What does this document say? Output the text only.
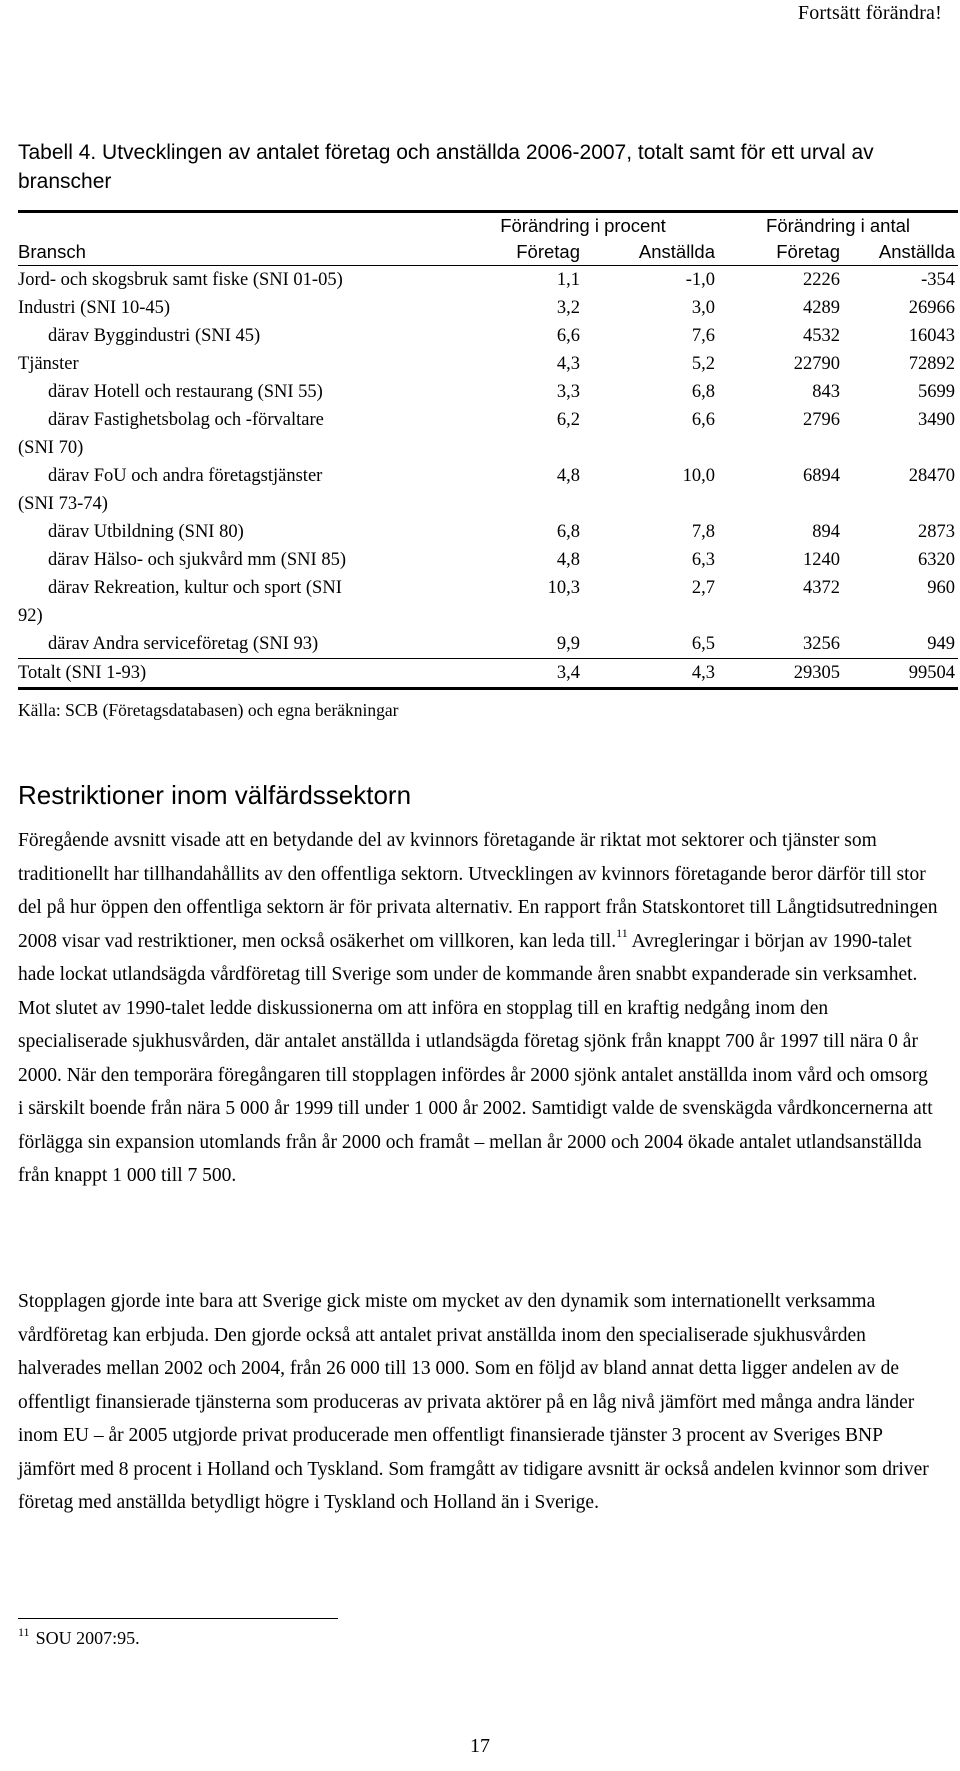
Fortsätt förändra!
Tabell 4. Utvecklingen av antalet företag och anställda 2006-2007, totalt samt för ett urval av branscher
	Förändring i procent		Förändring i antal	
Bransch	Företag	Anställda	Företag	Anställda
Jord- och skogsbruk samt fiske (SNI 01-05)	1,1	-1,0	2226	-354
Industri (SNI 10-45)	3,2	3,0	4289	26966
därav Byggindustri (SNI 45)	6,6	7,6	4532	16043
Tjänster	4,3	5,2	22790	72892
därav Hotell och restaurang (SNI 55)	3,3	6,8	843	5699
därav Fastighetsbolag och -förvaltare	6,2	6,6	2796	3490
(SNI 70)				
därav FoU och andra företagstjänster	4,8	10,0	6894	28470
(SNI 73-74)				
därav Utbildning (SNI 80)	6,8	7,8	894	2873
därav Hälso- och sjukvård mm (SNI 85)	4,8	6,3	1240	6320
därav Rekreation, kultur och sport (SNI	10,3	2,7	4372	960
92)				
därav Andra serviceföretag (SNI 93)	9,9	6,5	3256	949
Totalt (SNI 1-93)	3,4	4,3	29305	99504
Källa: SCB (Företagsdatabasen) och egna beräkningar
Restriktioner inom välfärdssektorn

Föregående avsnitt visade att en betydande del av kvinnors företagande är riktat mot sektorer och tjänster som traditionellt har tillhandahållits av den offentliga sektorn. Utvecklingen av kvinnors företagande beror därför till stor del på hur öppen den offentliga sektorn är för privata alternativ. En rapport från Statskontoret till Långtidsutredningen 2008 visar vad restriktioner, men också osäkerhet om villkoren, kan leda till.$^{11}$ Avregleringar i början av 1990-talet hade lockat utlandsägda vårdföretag till Sverige som under de kommande åren snabbt expanderade sin verksamhet. Mot slutet av 1990-talet ledde diskussionerna om att införa en stopplag till en kraftig nedgång inom den specialiserade sjukhusvården, där antalet anställda i utlandsägda företag sjönk från knappt 700 år 1997 till nära 0 år 2000. När den temporära föregångaren till stopplagen infördes år 2000 sjönk antalet anställda inom vård och omsorg i särskilt boende från nära 5 000 år 1999 till under 1 000 år 2002. Samtidigt valde de svenskägda vårdkoncernerna att förlägga sin expansion utomlands från år 2000 och framåt – mellan år 2000 och 2004 ökade antalet utlandsanställda från knappt 1 000 till 7 500.

Stopplagen gjorde inte bara att Sverige gick miste om mycket av den dynamik som internationellt verksamma vårdföretag kan erbjuda. Den gjorde också att antalet privat anställda inom den specialiserade sjukhusvården halverades mellan 2002 och 2004, från 26 000 till 13 000. Som en följd av bland annat detta ligger andelen av de offentligt finansierade tjänsterna som produceras av privata aktörer på en låg nivå jämfört med många andra länder inom EU – år 2005 utgjorde privat producerade men offentligt finansierade tjänster 3 procent av Sveriges BNP jämfört med 8 procent i Holland och Tyskland. Som framgått av tidigare avsnitt är också andelen kvinnor som driver företag med anställda betydligt högre i Tyskland och Holland än i Sverige.

$^{11}$ SOU 2007:95.
17
